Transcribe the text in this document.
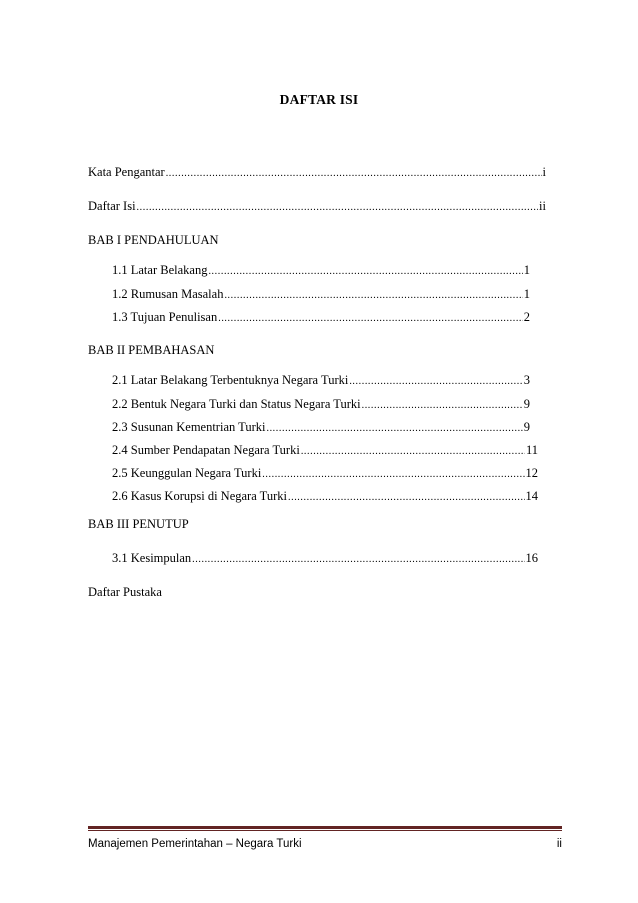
DAFTAR ISI
Kata Pengantar .....	i
Daftar Isi .....	ii
BAB I PENDAHULUAN
1.1 Latar Belakang .....	1
1.2 Rumusan Masalah .....	1
1.3 Tujuan Penulisan .....	2
BAB II PEMBAHASAN
2.1 Latar Belakang Terbentuknya Negara Turki .....	3
2.2 Bentuk Negara Turki dan Status Negara Turki .....	9
2.3 Susunan Kementrian Turki .....	9
2.4 Sumber Pendapatan Negara Turki .....	11
2.5 Keunggulan Negara Turki .....	12
2.6 Kasus Korupsi di Negara Turki .....	14
BAB III PENUTUP
3.1 Kesimpulan .....	16
Daftar Pustaka
Manajemen Pemerintahan – Negara Turki	ii
